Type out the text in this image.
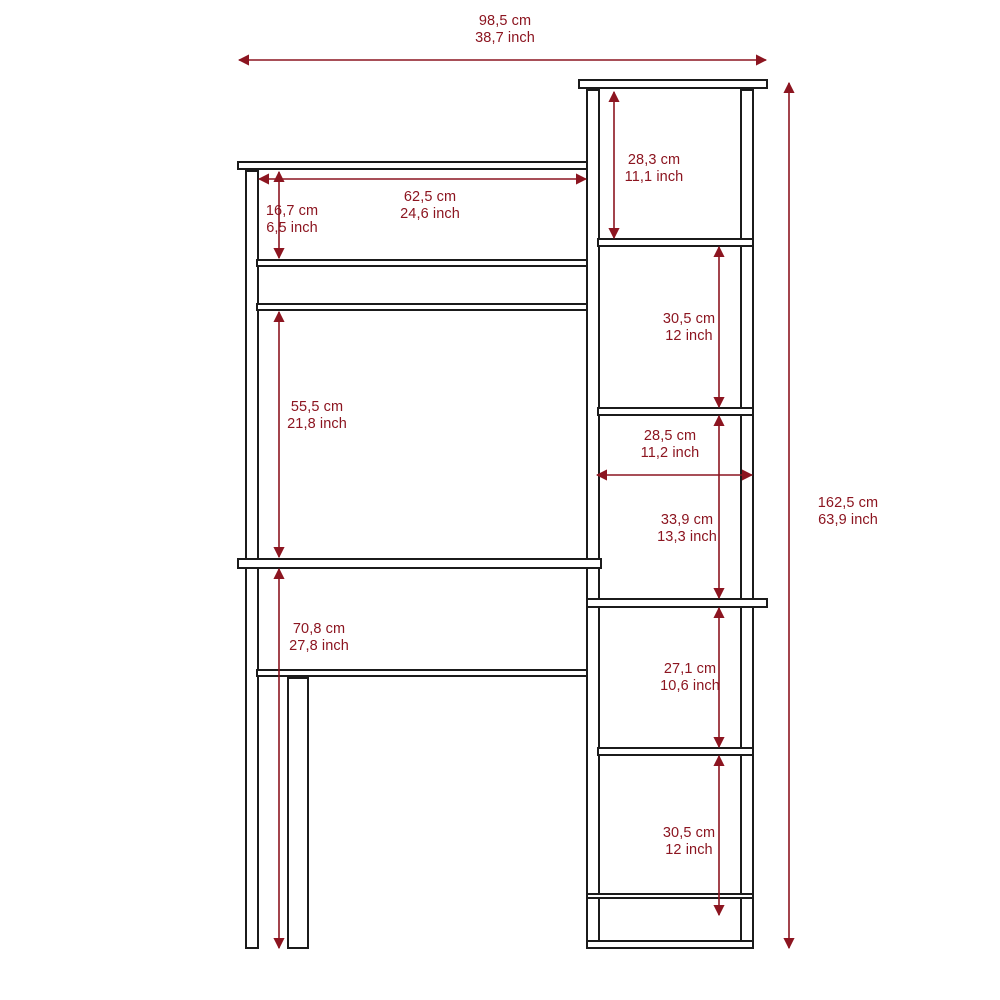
98,5 cm
38,7 inch
62,5 cm
24,6 inch
16,7 cm
6,5 inch
28,3 cm
11,1 inch
30,5 cm
12 inch
28,5 cm
11,2 inch
55,5 cm
21,8 inch
33,9 cm
13,3 inch
70,8 cm
27,8 inch
27,1 cm
10,6 inch
30,5 cm
12 inch
162,5 cm
63,9 inch
